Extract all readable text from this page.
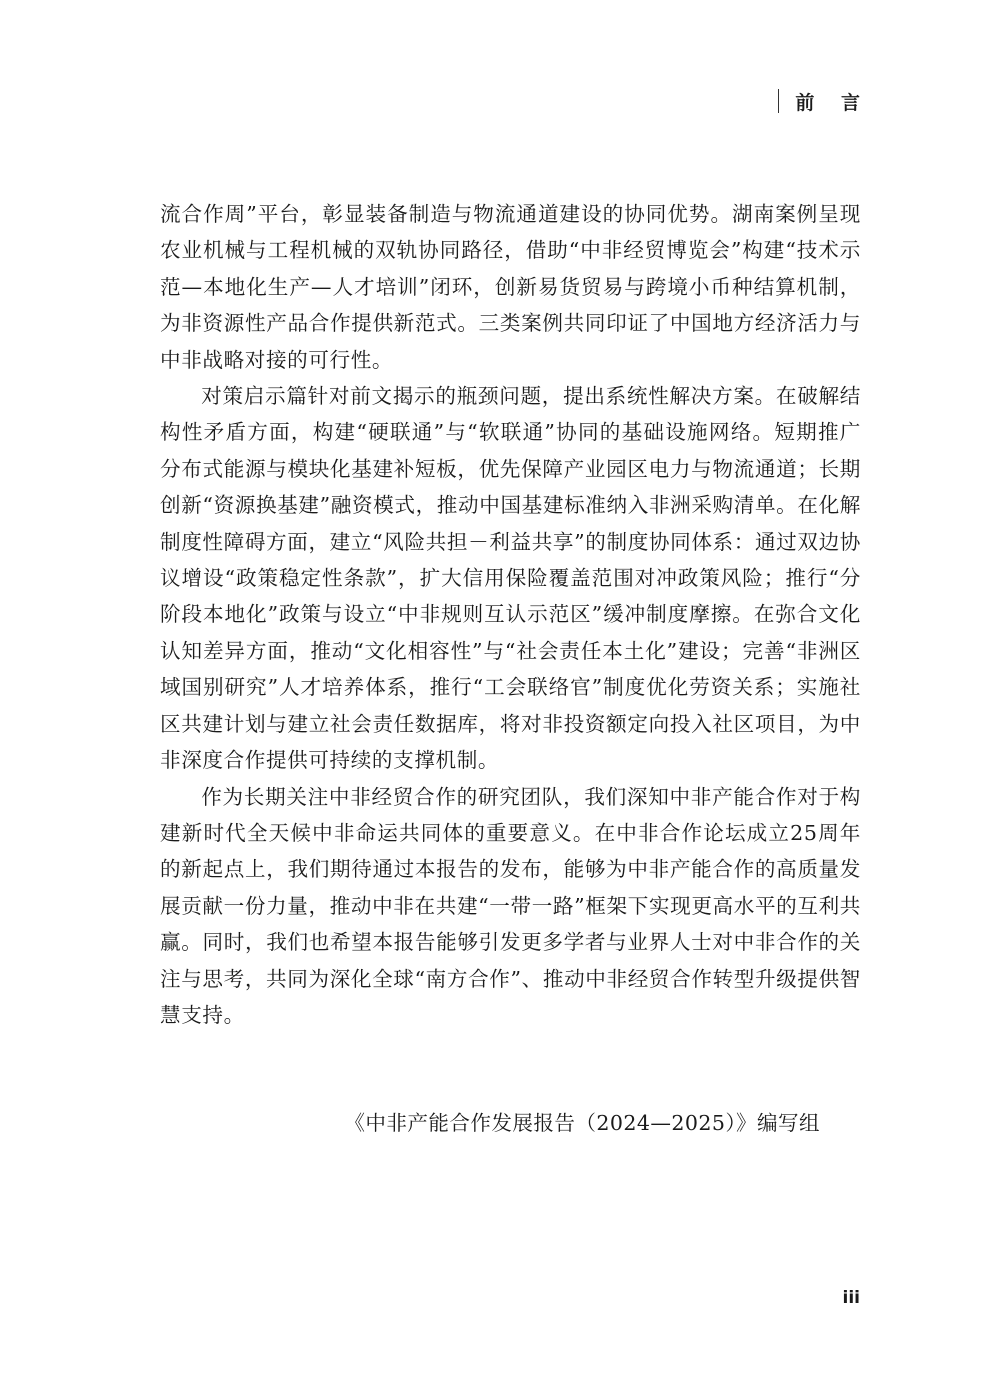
前 言

流合作周”平台，彰显装备制造与物流通道建设的协同优势。湖南案例呈现农业机械与工程机械的双轨协同路径，借助“中非经贸博览会”构建“技术示范—本地化生产—人才培训”闭环，创新易货贸易与跨境小币种结算机制，为非资源性产品合作提供新范式。三类案例共同印证了中国地方经济活力与中非战略对接的可行性。

对策启示篇针对前文揭示的瓶颈问题，提出系统性解决方案。在破解结构性矛盾方面，构建“硬联通”与“软联通”协同的基础设施网络。短期推广分布式能源与模块化基建补短板，优先保障产业园区电力与物流通道；长期创新“资源换基建”融资模式，推动中国基建标准纳入非洲采购清单。在化解制度性障碍方面，建立“风险共担－利益共享”的制度协同体系：通过双边协议增设“政策稳定性条款”，扩大信用保险覆盖范围对冲政策风险；推行“分阶段本地化”政策与设立“中非规则互认示范区”缓冲制度摩擦。在弥合文化认知差异方面，推动“文化相容性”与“社会责任本土化”建设；完善“非洲区域国别研究”人才培养体系，推行“工会联络官”制度优化劳资关系；实施社区共建计划与建立社会责任数据库，将对非投资额定向投入社区项目，为中非深度合作提供可持续的支撑机制。

作为长期关注中非经贸合作的研究团队，我们深知中非产能合作对于构建新时代全天候中非命运共同体的重要意义。在中非合作论坛成立25周年的新起点上，我们期待通过本报告的发布，能够为中非产能合作的高质量发展贡献一份力量，推动中非在共建“一带一路”框架下实现更高水平的互利共赢。同时，我们也希望本报告能够引发更多学者与业界人士对中非合作的关注与思考，共同为深化全球“南方合作”、推动中非经贸合作转型升级提供智慧支持。

《中非产能合作发展报告（2024—2025）》编写组
iii
